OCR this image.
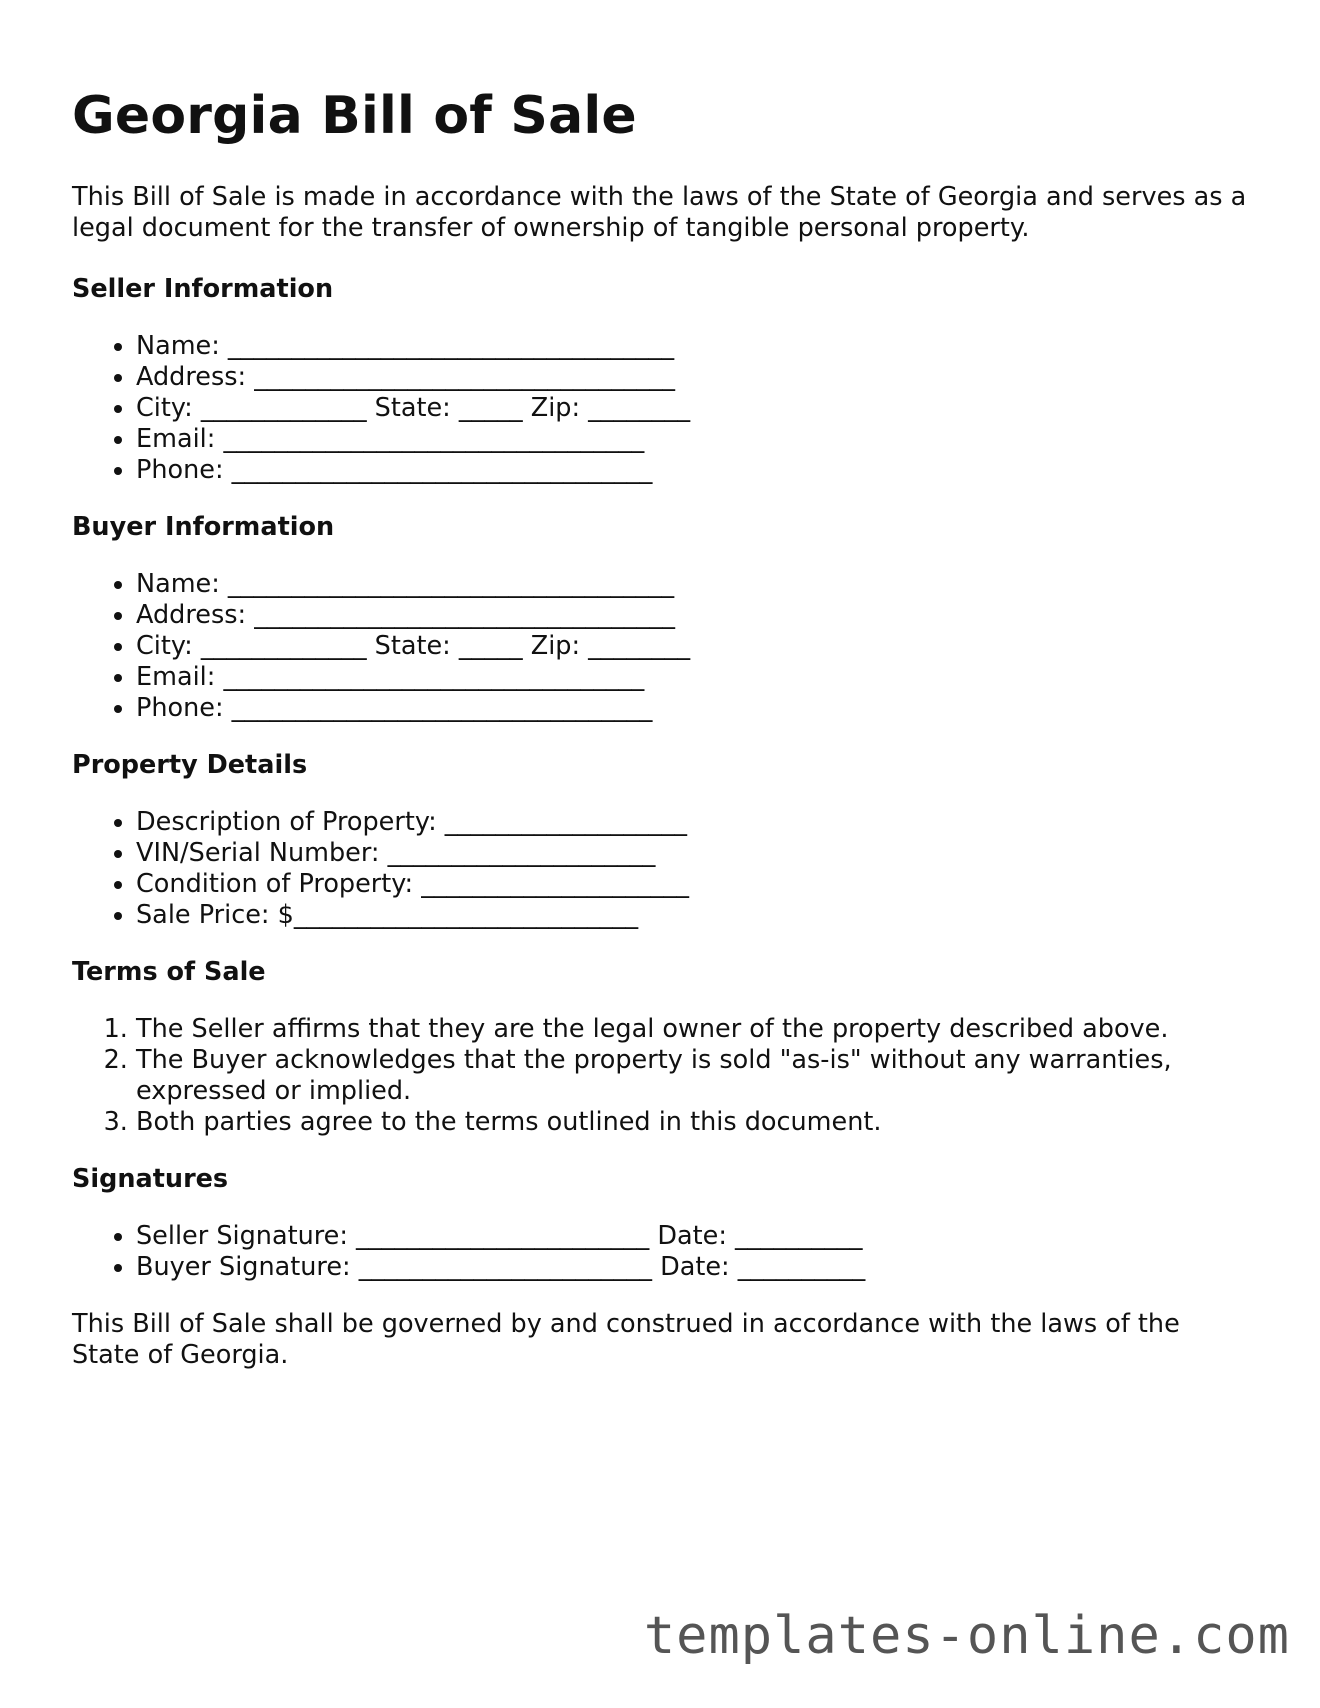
Georgia Bill of Sale

This Bill of Sale is made in accordance with the laws of the State of Georgia and serves as a legal document for the transfer of ownership of tangible personal property.

Seller Information
• Name: ___________________________________
• Address: _________________________________
• City: _____________ State: _____ Zip: ________
• Email: _________________________________
• Phone: _________________________________
Buyer Information
• Name: ___________________________________
• Address: _________________________________
• City: _____________ State: _____ Zip: ________
• Email: _________________________________
• Phone: _________________________________
Property Details
• Description of Property: ___________________
• VIN/Serial Number: _____________________
• Condition of Property: _____________________
• Sale Price: $___________________________
Terms of Sale
1. The Seller affirms that they are the legal owner of the property described above.
2. The Buyer acknowledges that the property is sold "as-is" without any warranties, expressed or implied.
3. Both parties agree to the terms outlined in this document.
Signatures
• Seller Signature: _______________________ Date: __________
• Buyer Signature: _______________________ Date: __________

This Bill of Sale shall be governed by and construed in accordance with the laws of the State of Georgia.

templates-online.com
